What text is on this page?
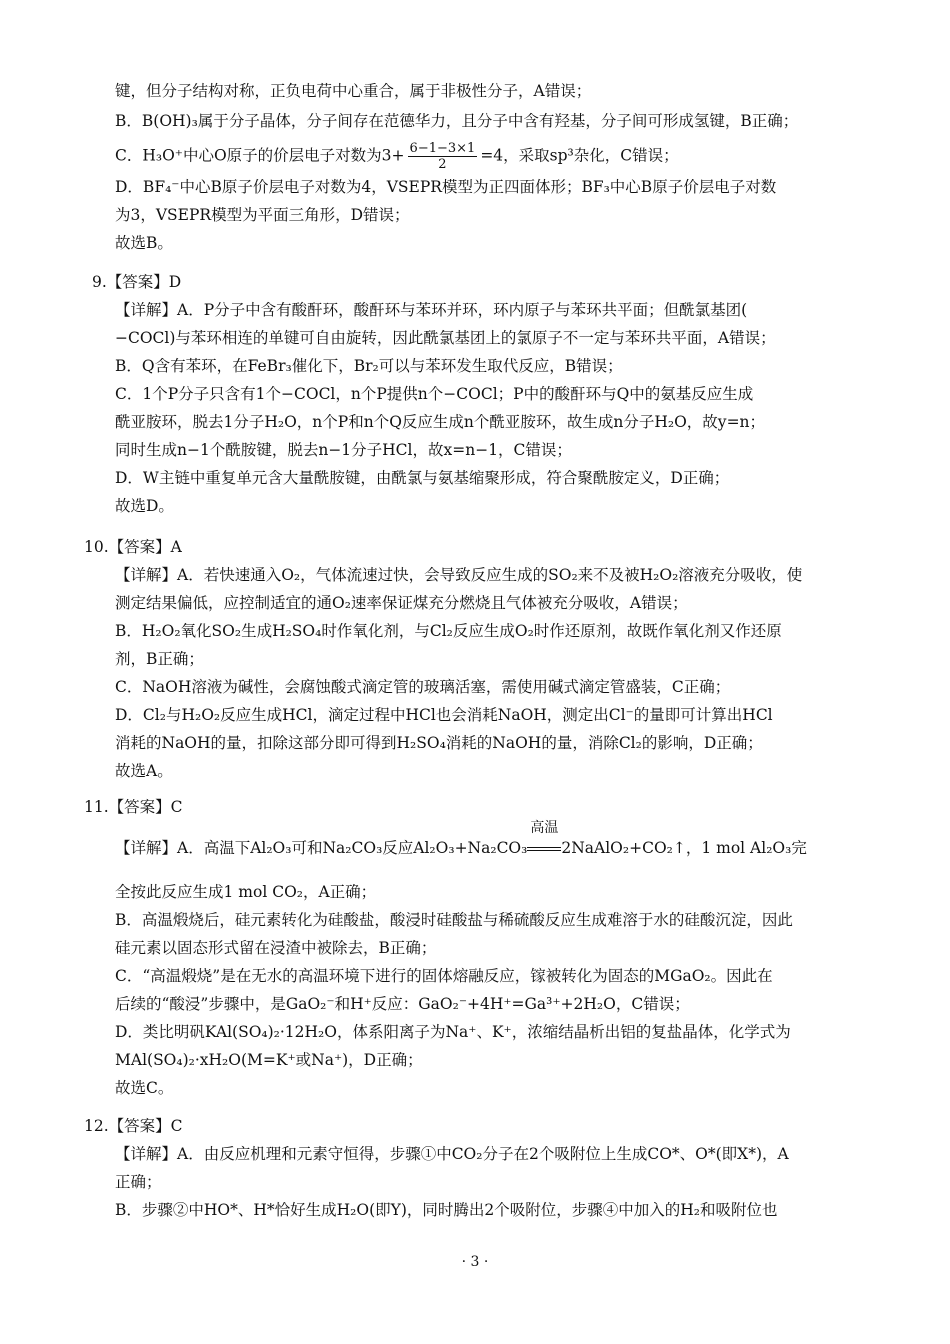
键，但分子结构对称，正负电荷中心重合，属于非极性分子，A错误；
B．B(OH)₃属于分子晶体，分子间存在范德华力，且分子中含有羟基，分子间可形成氢键，B正确；
D．BF₄⁻中心B原子价层电子对数为4，VSEPR模型为正四面体形；BF₃中心B原子价层电子对数
为3，VSEPR模型为平面三角形，D错误；
故选B。
【详解】A．P分子中含有酸酐环，酸酐环与苯环并环，环内原子与苯环共平面；但酰氯基团(
−COCl)与苯环相连的单键可自由旋转，因此酰氯基团上的氯原子不一定与苯环共平面，A错误；
B．Q含有苯环，在FeBr₃催化下，Br₂可以与苯环发生取代反应，B错误；
C．1个P分子只含有1个−COCl，n个P提供n个−COCl；P中的酸酐环与Q中的氨基反应生成
酰亚胺环，脱去1分子H₂O，n个P和n个Q反应生成n个酰亚胺环，故生成n分子H₂O，故y=n；
同时生成n−1个酰胺键，脱去n−1分子HCl，故x=n−1，C错误；
D．W主链中重复单元含大量酰胺键，由酰氯与氨基缩聚形成，符合聚酰胺定义，D正确；
故选D。
【详解】A．若快速通入O₂，气体流速过快，会导致反应生成的SO₂来不及被H₂O₂溶液充分吸收，使
测定结果偏低，应控制适宜的通O₂速率保证煤充分燃烧且气体被充分吸收，A错误；
B．H₂O₂氧化SO₂生成H₂SO₄时作氧化剂，与Cl₂反应生成O₂时作还原剂，故既作氧化剂又作还原
剂，B正确；
C．NaOH溶液为碱性，会腐蚀酸式滴定管的玻璃活塞，需使用碱式滴定管盛装，C正确；
D．Cl₂与H₂O₂反应生成HCl，滴定过程中HCl也会消耗NaOH，测定出Cl⁻的量即可计算出HCl
消耗的NaOH的量，扣除这部分即可得到H₂SO₄消耗的NaOH的量，消除Cl₂的影响，D正确；
故选A。
全按此反应生成1 mol CO₂，A正确；
B．高温煅烧后，硅元素转化为硅酸盐，酸浸时硅酸盐与稀硫酸反应生成难溶于水的硅酸沉淀，因此
硅元素以固态形式留在浸渣中被除去，B正确；
C．“高温煅烧”是在无水的高温环境下进行的固体熔融反应，镓被转化为固态的MGaO₂。因此在
后续的“酸浸”步骤中，是GaO₂⁻和H⁺反应：GaO₂⁻+4H⁺=Ga³⁺+2H₂O，C错误；
D．类比明矾KAl(SO₄)₂·12H₂O，体系阳离子为Na⁺、K⁺，浓缩结晶析出铝的复盐晶体，化学式为
MAl(SO₄)₂·xH₂O(M=K⁺或Na⁺)，D正确；
故选C。
【详解】A．由反应机理和元素守恒得，步骤①中CO₂分子在2个吸附位上生成CO*、O*(即X*)，A
正确；
B．步骤②中HO*、H*恰好生成H₂O(即Y)，同时腾出2个吸附位，步骤④中加入的H₂和吸附位也
9.【答案】D
10.【答案】A
11.【答案】C
12.【答案】C
C．H₃O⁺中心O原子的价层电子对数为$3+ \frac{6-1-3\times 1}{2} =4$，采取sp³杂化，C错误；
【详解】A．高温下Al₂O₃可和Na₂CO₃反应Al₂O₃+Na₂CO₃
高温
2NaAlO₂+CO₂↑，1 mol Al₂O₃完
· 3 ·
